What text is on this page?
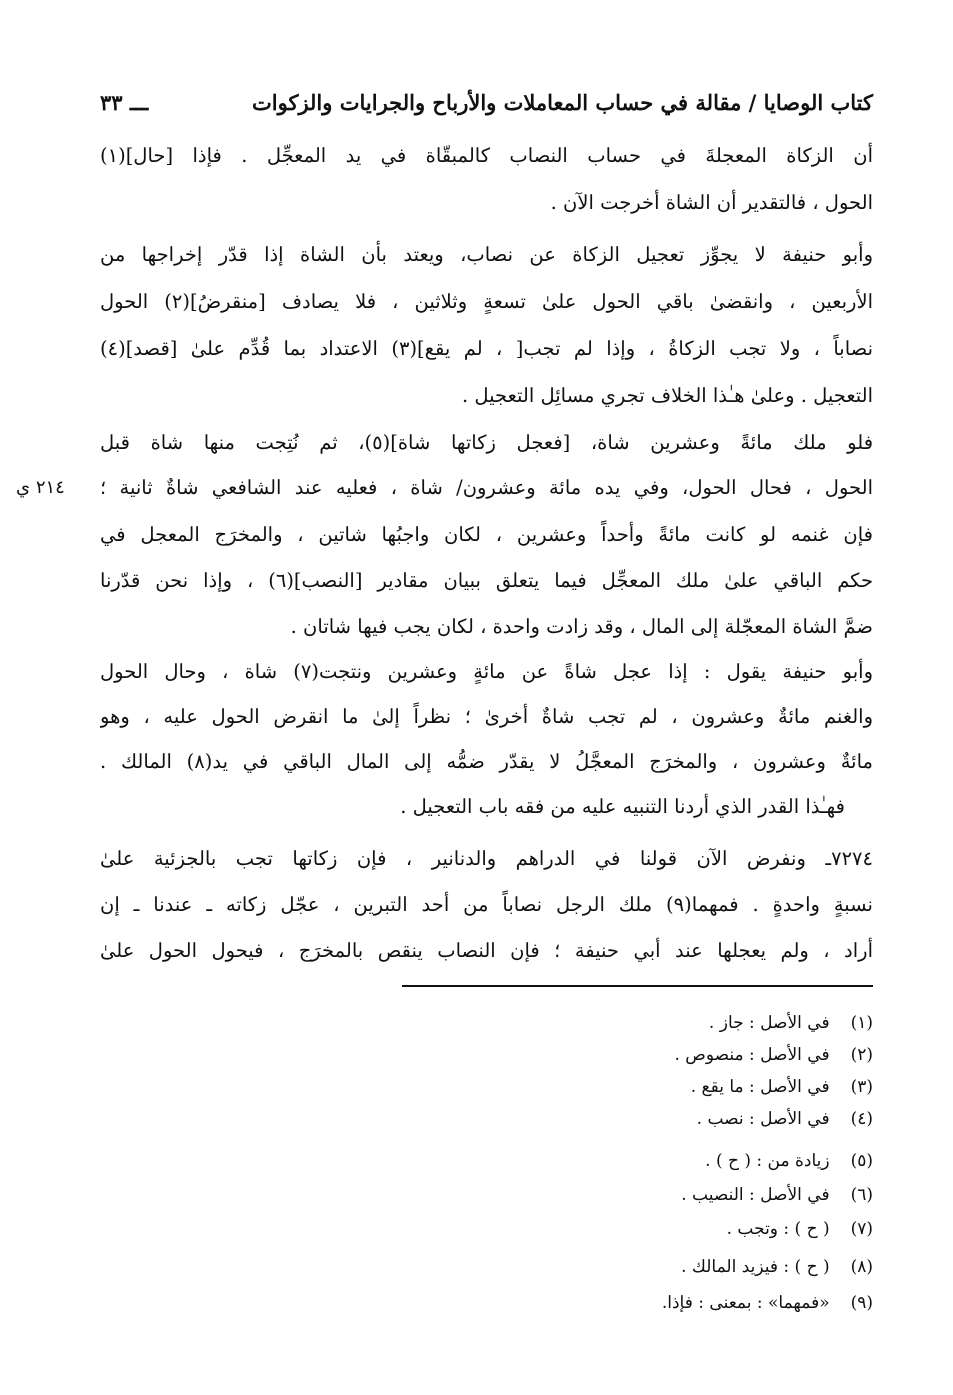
كتاب الوصايا / مقالة في حساب المعاملات والأرباح والجرايات والزكوات
ـــ ٣٣
أن الزكاة المعجلةَ في حساب النصاب كالمبقّاة في يد المعجِّل . فإذا [حال](١)
الحول ، فالتقدير أن الشاة أخرجت الآن .
وأبو حنيفة لا يجوِّز تعجيل الزكاة عن نصاب، ويعتد بأن الشاة إذا قدّر إخراجها من
الأربعين ، وانقضىٰ باقي الحول علىٰ تسعةٍ وثلاثين ، فلا يصادف [منقرضُ](٢) الحول
نصاباً ، ولا تجب الزكاةُ ، وإذا لم تجب[ ، لم يقع](٣) الاعتداد بما قُدِّم علىٰ [قصد](٤)
التعجيل . وعلىٰ هـٰذا الخلاف تجري مسائِل التعجيل .
فلو ملك مائةً وعشرين شاة، [فعجل زكاتها شاة](٥)، ثم نُتِجت منها شاة قبل
الحول ، فحال الحول، وفي يده مائة وعشرون/ شاة ، فعليه عند الشافعي شاةٌ ثانية ؛
فإن غنمه لو كانت مائةً وأحداً وعشرين ، لكان واجبُها شاتين ، والمخرَج المعجل في
حكم الباقي علىٰ ملك المعجِّل فيما يتعلق ببيان مقادير [النصب](٦) ، وإذا نحن قدّرنا
ضمَّ الشاة المعجّلة إلى المال ، وقد زادت واحدة ، لكان يجب فيها شاتان .
وأبو حنيفة يقول : إذا عجل شاةً عن مائةٍ وعشرين ونتجت(٧) شاة ، وحال الحول
والغنم مائةٌ وعشرون ، لم تجب شاةٌ أخرىٰ ؛ نظراً إلىٰ ما انقرض الحول عليه ، وهو
مائةٌ وعشرون ، والمخرَج المعجَّلُ لا يقدّر ضمُّه إلى المال الباقي في يد(٨) المالك .
فهـٰذا القدر الذي أردنا التنبيه عليه من فقه باب التعجيل .
٧٢٧٤ـ ونفرض الآن قولنا في الدراهم والدنانير ، فإن زكاتها تجب بالجزئية علىٰ
نسبةٍ واحدةٍ . فمهما(٩) ملك الرجل نصاباً من أحد التبرين ، عجّل زكاته ـ عندنا ـ إن
أراد ، ولم يعجلها عند أبي حنيفة ؛ فإن النصاب ينقص بالمخرَج ، فيحول الحول علىٰ
٢١٤ ي
(١) في الأصل : جاز .
(٢) في الأصل : منصوص .
(٣) في الأصل : ما يقع .
(٤) في الأصل : نصب .
(٥) زيادة من : ( ح ) .
(٦) في الأصل : النصيب .
(٧) ( ح ) : وتجب .
(٨) ( ح ) : فيزيد المالك .
(٩) «فمهما» : بمعنى : فإذا.
